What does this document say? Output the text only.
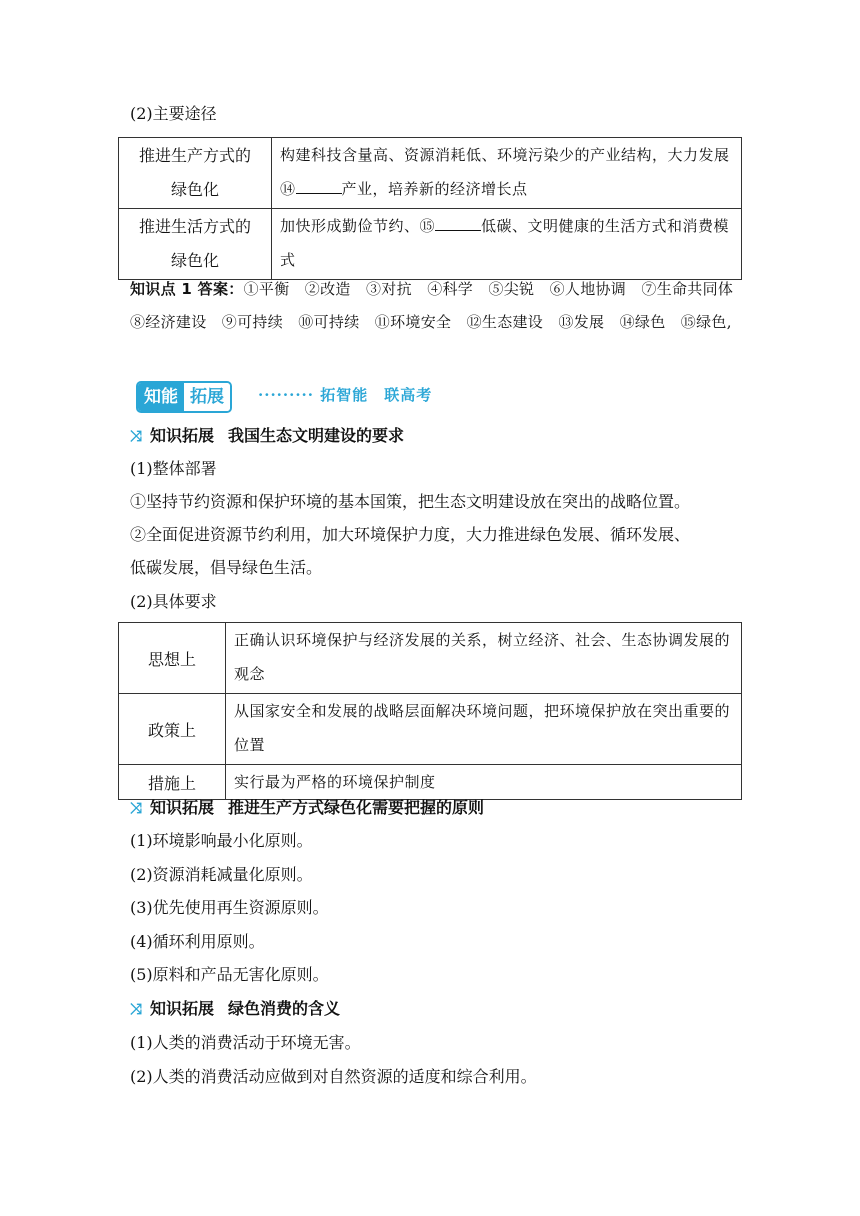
(2)主要途径
推进生产方式的
绿色化	构建科技含量高、资源消耗低、环境污染少的产业结构，大力发展⑭ 产业，培养新的经济增长点

推进生活方式的
绿色化	加快形成勤俭节约、⑮ 低碳、文明健康的生活方式和消费模式
知识点 1 答案：①平衡　②改造　③对抗　④科学　⑤尖锐　⑥人地协调　⑦生命共同体　⑧经济建设　⑨可持续　⑩可持续　⑪环境安全　⑫生态建设　⑬发展　⑭绿色　⑮绿色,
知能 拓展	········· 拓智能　联高考
⤨ 知识拓展 我国生态文明建设的要求
(1)整体部署
①坚持节约资源和保护环境的基本国策，把生态文明建设放在突出的战略位置。
②全面促进资源节约利用，加大环境保护力度，大力推进绿色发展、循环发展、
低碳发展，倡导绿色生活。
(2)具体要求
思想上	正确认识环境保护与经济发展的关系，树立经济、社会、生态协调发展的观念
政策上	从国家安全和发展的战略层面解决环境问题，把环境保护放在突出重要的位置
措施上	实行最为严格的环境保护制度
⤨ 知识拓展 推进生产方式绿色化需要把握的原则
(1)环境影响最小化原则。
(2)资源消耗减量化原则。
(3)优先使用再生资源原则。
(4)循环利用原则。
(5)原料和产品无害化原则。
⤨ 知识拓展 绿色消费的含义
(1)人类的消费活动于环境无害。
(2)人类的消费活动应做到对自然资源的适度和综合利用。
